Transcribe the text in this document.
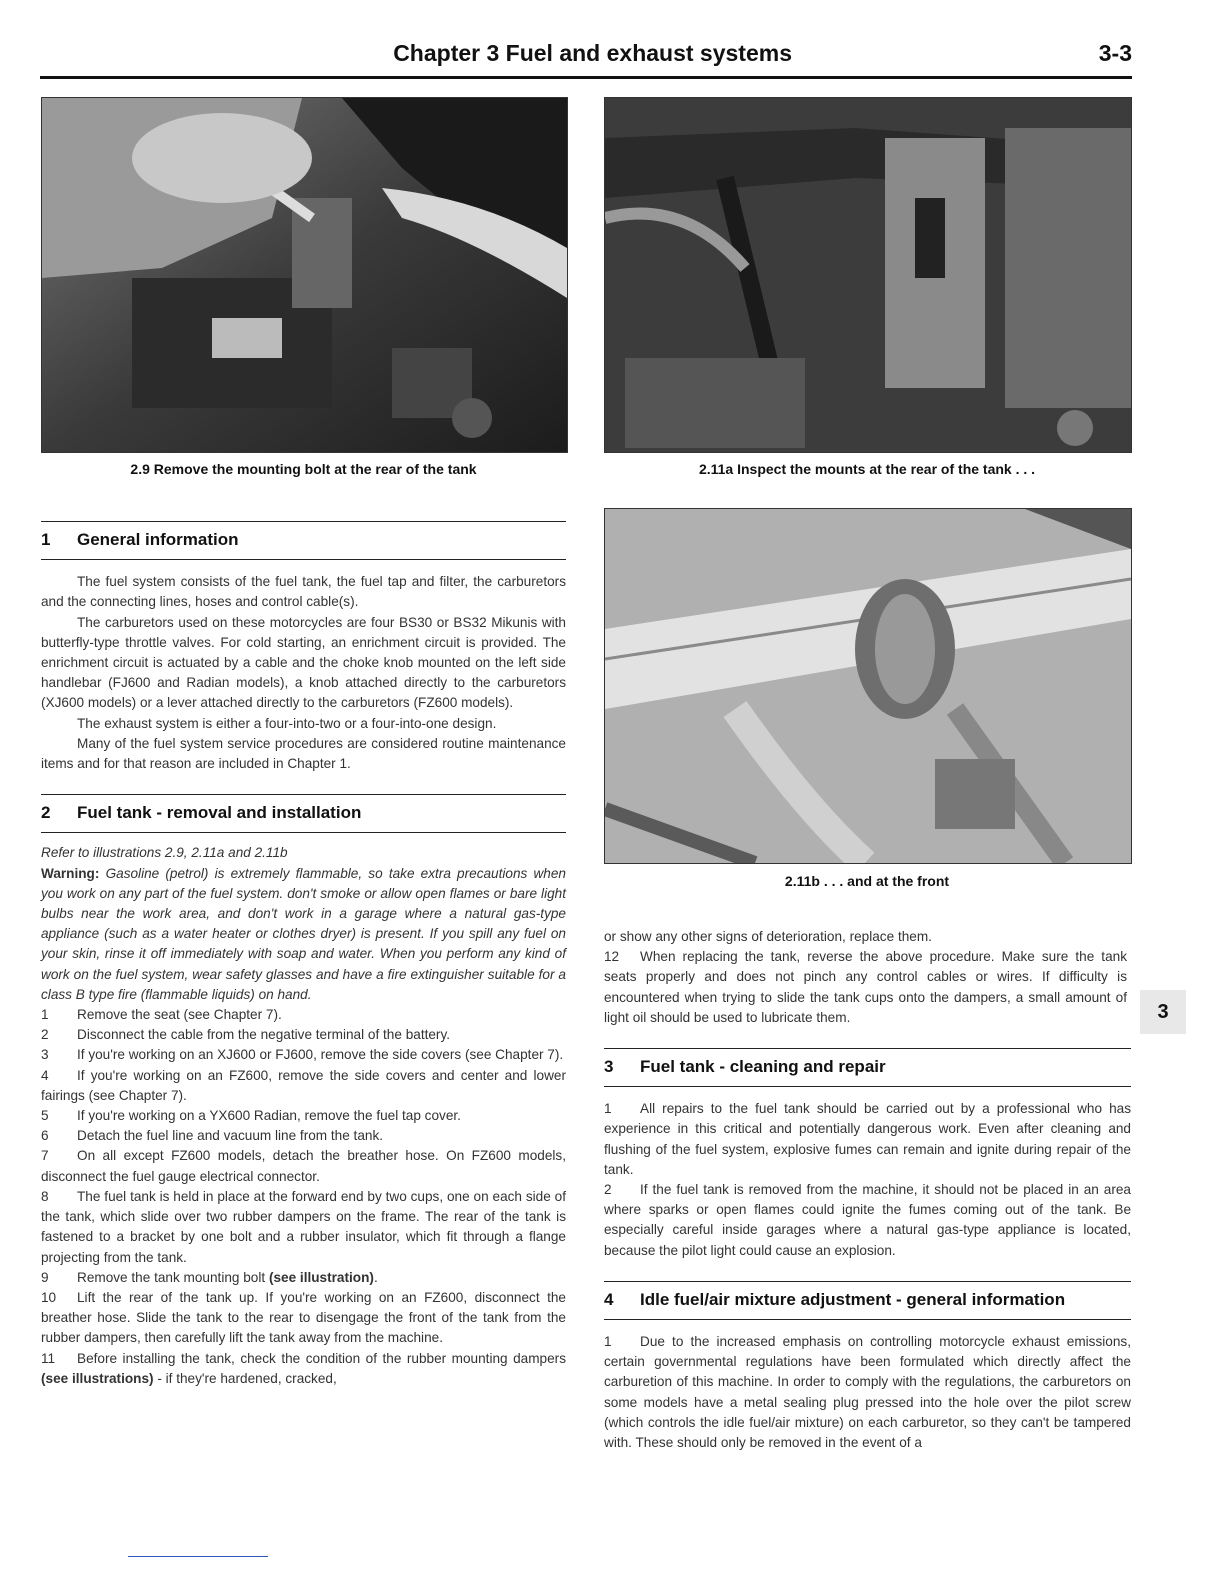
Chapter 3 Fuel and exhaust systems	3-3
2.9 Remove the mounting bolt at the rear of the tank	2.11a Inspect the mounts at the rear of the tank . . .
2.11b . . . and at the front
1 General information

The fuel system consists of the fuel tank, the fuel tap and filter, the carburetors and the connecting lines, hoses and control cable(s).

The carburetors used on these motorcycles are four BS30 or BS32 Mikunis with butterfly-type throttle valves. For cold starting, an enrichment circuit is provided. The enrichment circuit is actuated by a cable and the choke knob mounted on the left side handlebar (FJ600 and Radian models), a knob attached directly to the carburetors (XJ600 models) or a lever attached directly to the carburetors (FZ600 models).

The exhaust system is either a four-into-two or a four-into-one design.

Many of the fuel system service procedures are considered routine maintenance items and for that reason are included in Chapter 1.

2 Fuel tank - removal and installation

Refer to illustrations 2.9, 2.11a and 2.11b

Warning: Gasoline (petrol) is extremely flammable, so take extra precautions when you work on any part of the fuel system. don't smoke or allow open flames or bare light bulbs near the work area, and don't work in a garage where a natural gas-type appliance (such as a water heater or clothes dryer) is present. If you spill any fuel on your skin, rinse it off immediately with soap and water. When you perform any kind of work on the fuel system, wear safety glasses and have a fire extinguisher suitable for a class B type fire (flammable liquids) on hand.

1 Remove the seat (see Chapter 7).

2 Disconnect the cable from the negative terminal of the battery.

3 If you're working on an XJ600 or FJ600, remove the side covers (see Chapter 7).

4 If you're working on an FZ600, remove the side covers and center and lower fairings (see Chapter 7).

5 If you're working on a YX600 Radian, remove the fuel tap cover.

6 Detach the fuel line and vacuum line from the tank.

7 On all except FZ600 models, detach the breather hose. On FZ600 models, disconnect the fuel gauge electrical connector.

8 The fuel tank is held in place at the forward end by two cups, one on each side of the tank, which slide over two rubber dampers on the frame. The rear of the tank is fastened to a bracket by one bolt and a rubber insulator, which fit through a flange projecting from the tank.

9 Remove the tank mounting bolt (see illustration).

10 Lift the rear of the tank up. If you're working on an FZ600, disconnect the breather hose. Slide the tank to the rear to disengage the front of the tank from the rubber dampers, then carefully lift the tank away from the machine.

11 Before installing the tank, check the condition of the rubber mounting dampers (see illustrations) - if they're hardened, cracked,

or show any other signs of deterioration, replace them.

12 When replacing the tank, reverse the above procedure. Make sure the tank seats properly and does not pinch any control cables or wires. If difficulty is encountered when trying to slide the tank cups onto the dampers, a small amount of light oil should be used to lubricate them.

3 Fuel tank - cleaning and repair

1 All repairs to the fuel tank should be carried out by a professional who has experience in this critical and potentially dangerous work. Even after cleaning and flushing of the fuel system, explosive fumes can remain and ignite during repair of the tank.

2 If the fuel tank is removed from the machine, it should not be placed in an area where sparks or open flames could ignite the fumes coming out of the tank. Be especially careful inside garages where a natural gas-type appliance is located, because the pilot light could cause an explosion.

4 Idle fuel/air mixture adjustment - general information

1 Due to the increased emphasis on controlling motorcycle exhaust emissions, certain governmental regulations have been formulated which directly affect the carburetion of this machine. In order to comply with the regulations, the carburetors on some models have a metal sealing plug pressed into the hole over the pilot screw (which controls the idle fuel/air mixture) on each carburetor, so they can't be tampered with. These should only be removed in the event of a

3
